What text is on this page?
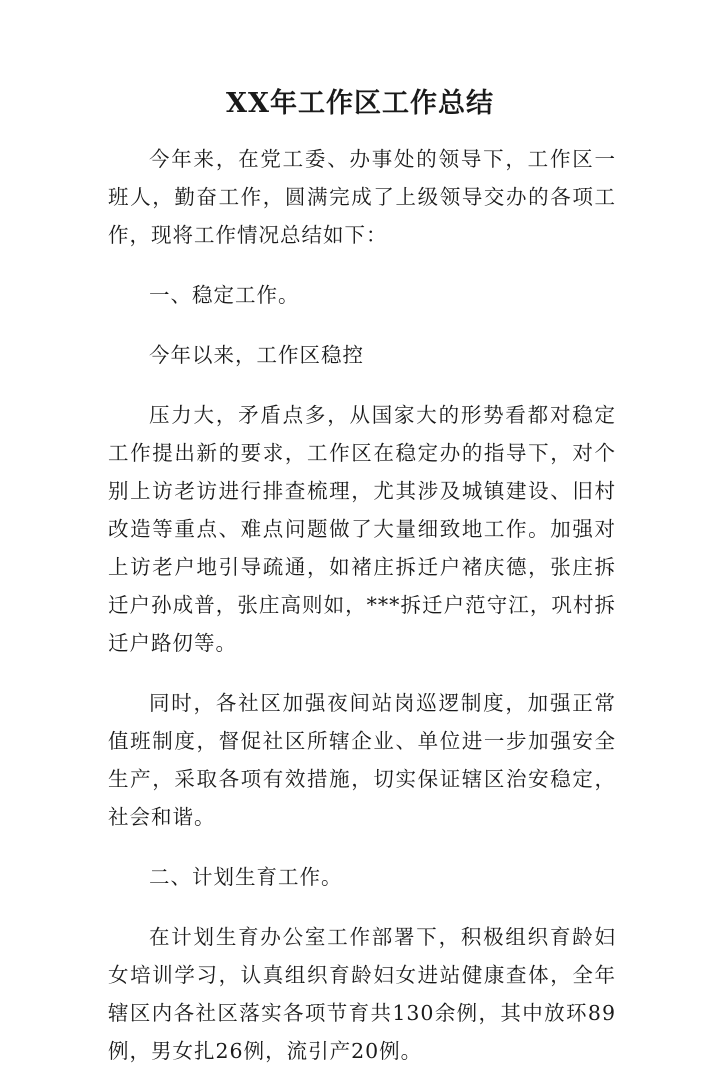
XX年工作区工作总结

今年来，在党工委、办事处的领导下，工作区一班人，勤奋工作，圆满完成了上级领导交办的各项工作，现将工作情况总结如下：

一、稳定工作。

今年以来，工作区稳控

压力大，矛盾点多，从国家大的形势看都对稳定工作提出新的要求，工作区在稳定办的指导下，对个别上访老访进行排查梳理，尤其涉及城镇建设、旧村改造等重点、难点问题做了大量细致地工作。加强对上访老户地引导疏通，如褚庄拆迁户褚庆德，张庄拆迁户孙成普，张庄高则如，***拆迁户范守江，巩村拆迁户路仞等。

同时，各社区加强夜间站岗巡逻制度，加强正常值班制度，督促社区所辖企业、单位进一步加强安全生产，采取各项有效措施，切实保证辖区治安稳定，社会和谐。

二、计划生育工作。

在计划生育办公室工作部署下，积极组织育龄妇女培训学习，认真组织育龄妇女进站健康查体，全年辖区内各社区落实各项节育共130余例，其中放环89例，男女扎26例，流引产20例。
